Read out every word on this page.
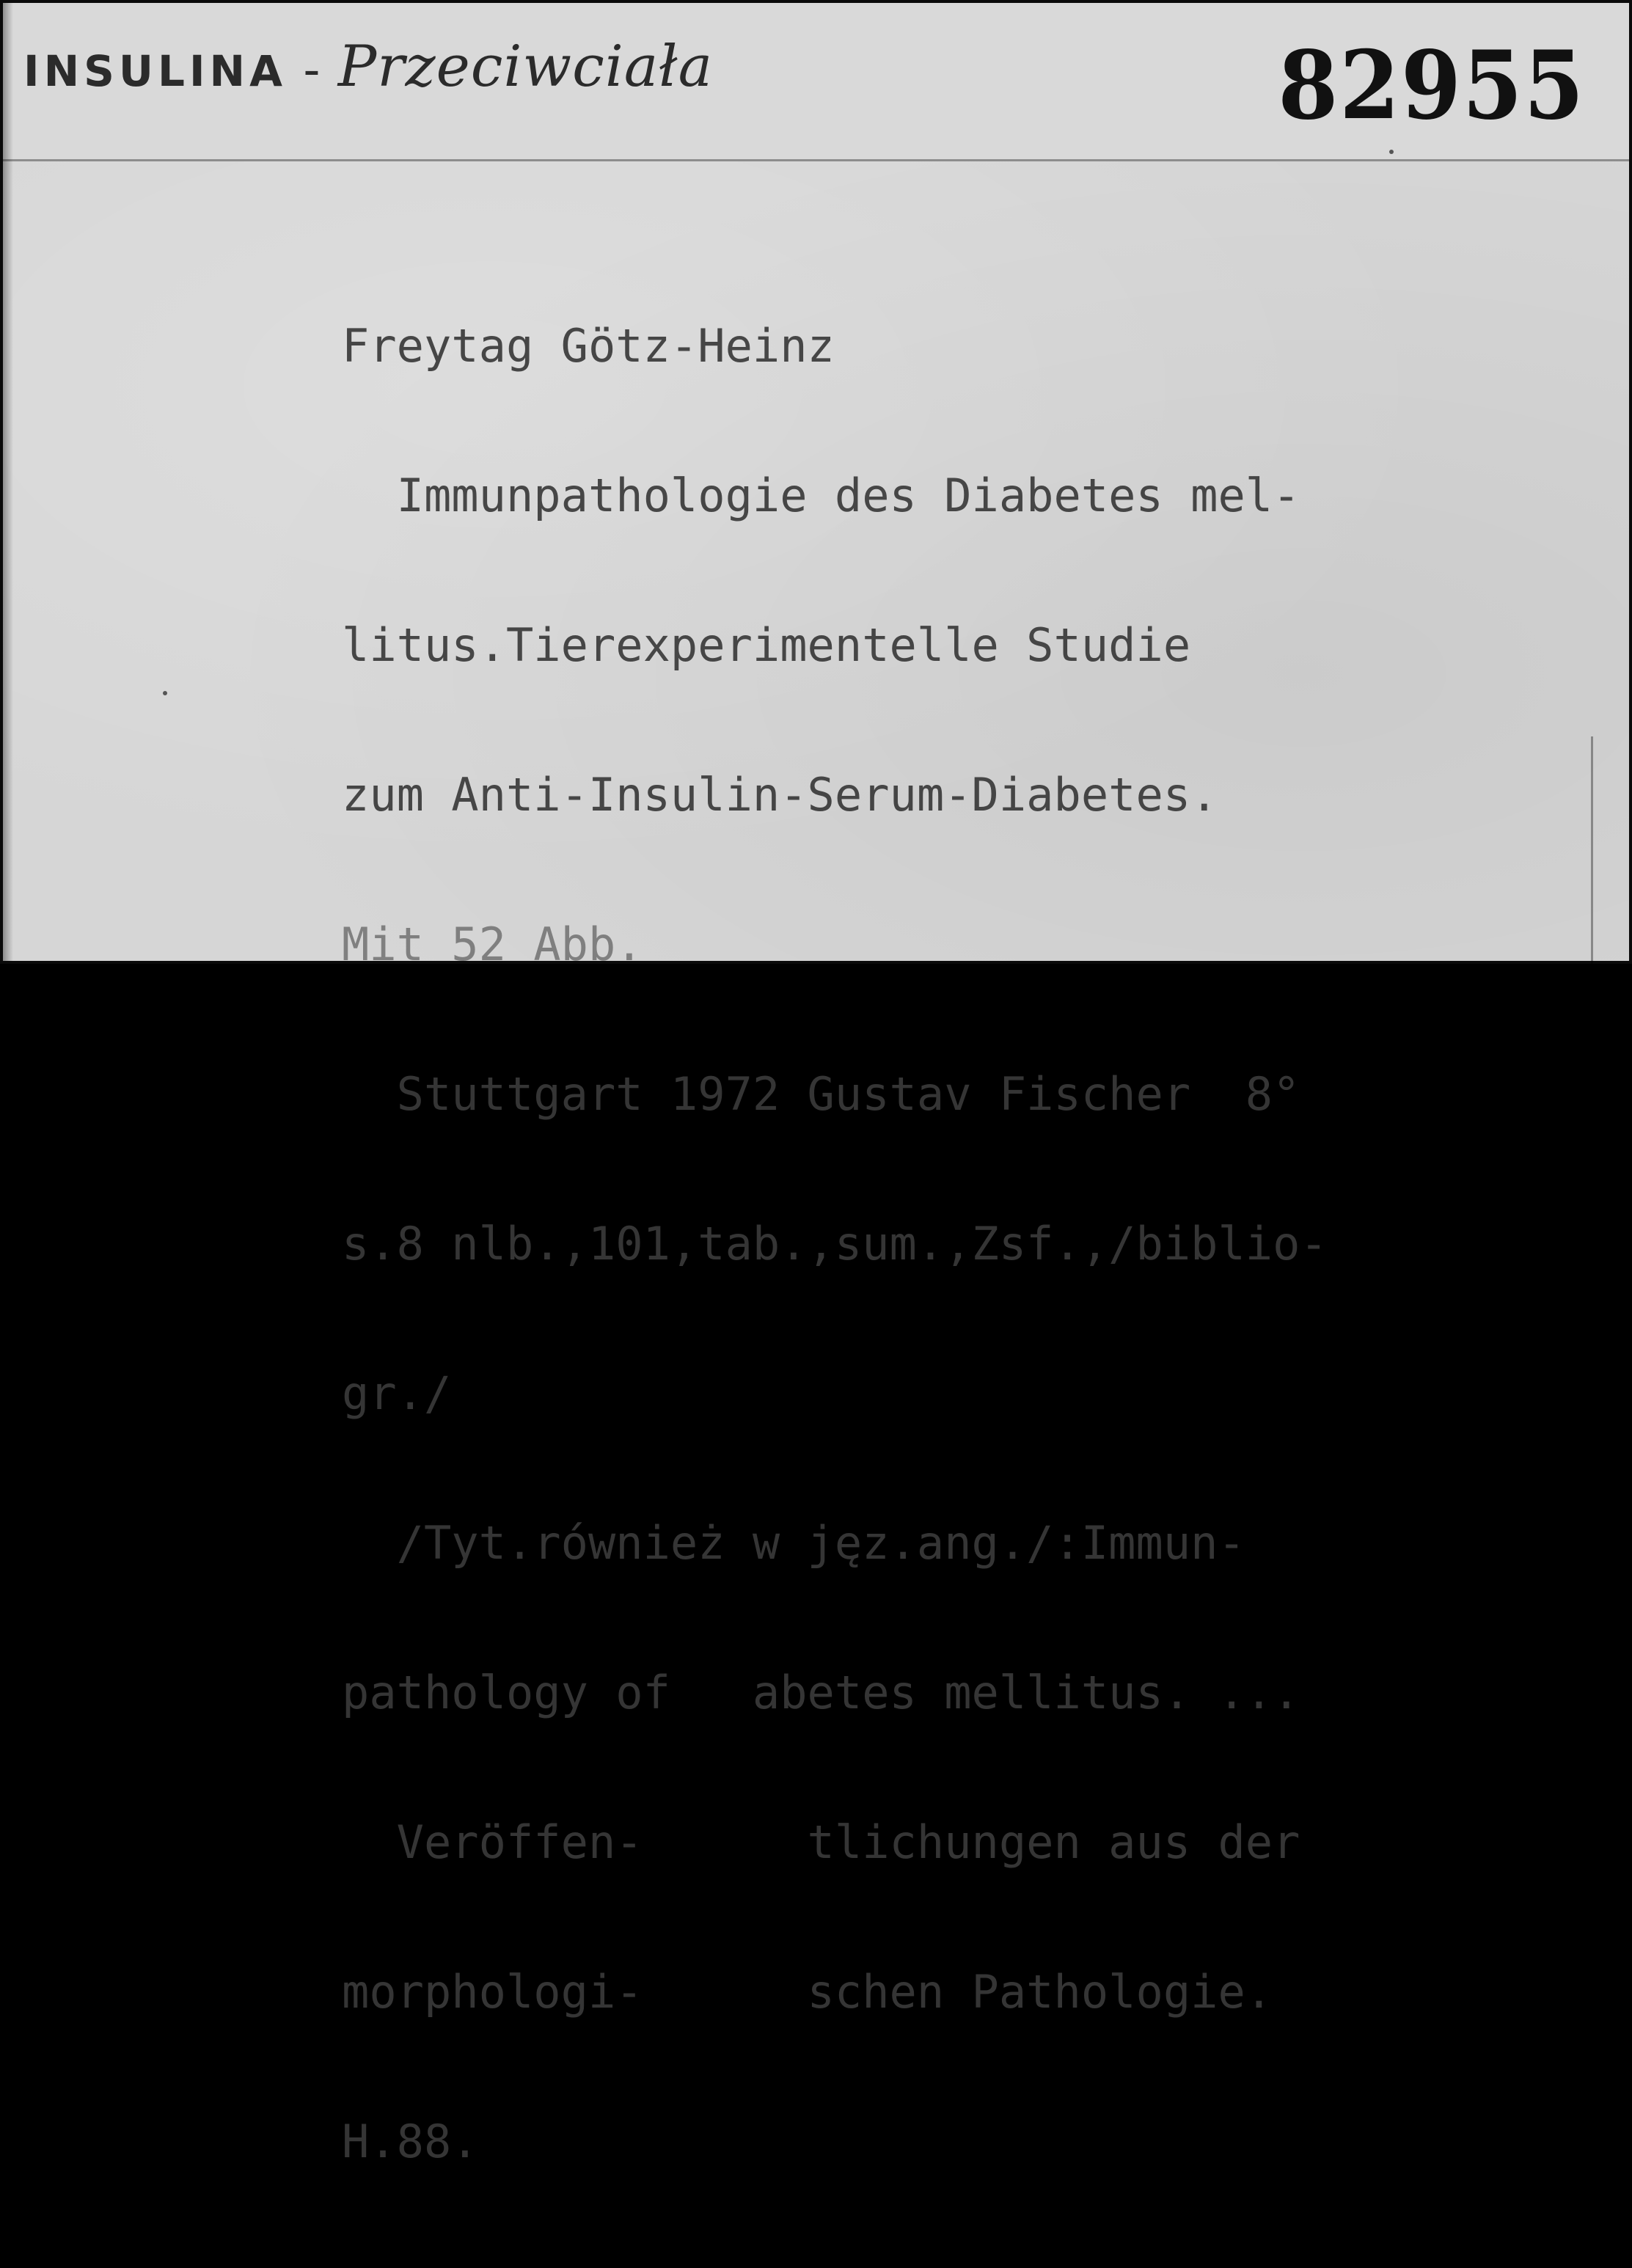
INSULINA - Przeciwciała	82955

Freytag Götz-Heinz

Immunpathologie des Diabetes mel-

litus.Tierexperimentelle Studie

zum Anti-Insulin-Serum-Diabetes.

Mit 52 Abb.

Stuttgart 1972 Gustav Fischer  8°

s.8 nlb.,101,tab.,sum.,Zsf.,/biblio-

gr./

/Tyt.również w jęz.ang./:Immun-

pathology of   abetes mellitus. ...

Veröffen-      tlichungen aus der

morphologi-      schen Pathologie.

H.88.
